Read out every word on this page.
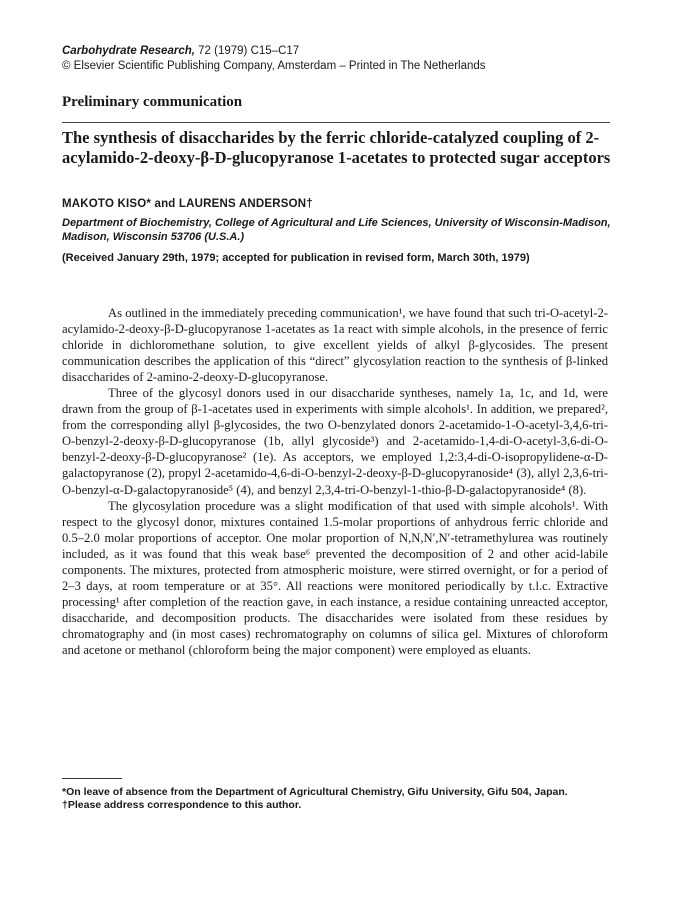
Carbohydrate Research, 72 (1979) C15–C17
© Elsevier Scientific Publishing Company, Amsterdam – Printed in The Netherlands
Preliminary communication
The synthesis of disaccharides by the ferric chloride-catalyzed coupling of 2-acylamido-2-deoxy-β-D-glucopyranose 1-acetates to protected sugar acceptors
MAKOTO KISO* and LAURENS ANDERSON†
Department of Biochemistry, College of Agricultural and Life Sciences, University of Wisconsin-Madison, Madison, Wisconsin 53706 (U.S.A.)
(Received January 29th, 1979; accepted for publication in revised form, March 30th, 1979)

As outlined in the immediately preceding communication¹, we have found that such tri-O-acetyl-2-acylamido-2-deoxy-β-D-glucopyranose 1-acetates as 1a react with simple alcohols, in the presence of ferric chloride in dichloromethane solution, to give excellent yields of alkyl β-glycosides. The present communication describes the application of this “direct” glycosylation reaction to the synthesis of β-linked disaccharides of 2-amino-2-deoxy-D-glucopyranose.

Three of the glycosyl donors used in our disaccharide syntheses, namely 1a, 1c, and 1d, were drawn from the group of β-1-acetates used in experiments with simple alcohols¹. In addition, we prepared², from the corresponding allyl β-glycosides, the two O-benzylated donors 2-acetamido-1-O-acetyl-3,4,6-tri-O-benzyl-2-deoxy-β-D-glucopyranose (1b, allyl glycoside³) and 2-acetamido-1,4-di-O-acetyl-3,6-di-O-benzyl-2-deoxy-β-D-glucopyranose² (1e). As acceptors, we employed 1,2:3,4-di-O-isopropylidene-α-D-galactopyranose (2), propyl 2-acetamido-4,6-di-O-benzyl-2-deoxy-β-D-glucopyranoside⁴ (3), allyl 2,3,6-tri-O-benzyl-α-D-galactopyranoside⁵ (4), and benzyl 2,3,4-tri-O-benzyl-1-thio-β-D-galactopyranoside⁴ (8).

The glycosylation procedure was a slight modification of that used with simple alcohols¹. With respect to the glycosyl donor, mixtures contained 1.5-molar proportions of anhydrous ferric chloride and 0.5–2.0 molar proportions of acceptor. One molar proportion of N,N,N′,N′-tetramethylurea was routinely included, as it was found that this weak base⁶ prevented the decomposition of 2 and other acid-labile components. The mixtures, protected from atmospheric moisture, were stirred overnight, or for a period of 2–3 days, at room temperature or at 35°. All reactions were monitored periodically by t.l.c. Extractive processing¹ after completion of the reaction gave, in each instance, a residue containing unreacted acceptor, disaccharide, and decomposition products. The disaccharides were isolated from these residues by chromatography and (in most cases) rechromatography on columns of silica gel. Mixtures of chloroform and acetone or methanol (chloroform being the major component) were employed as eluants.

*On leave of absence from the Department of Agricultural Chemistry, Gifu University, Gifu 504, Japan.
†Please address correspondence to this author.
